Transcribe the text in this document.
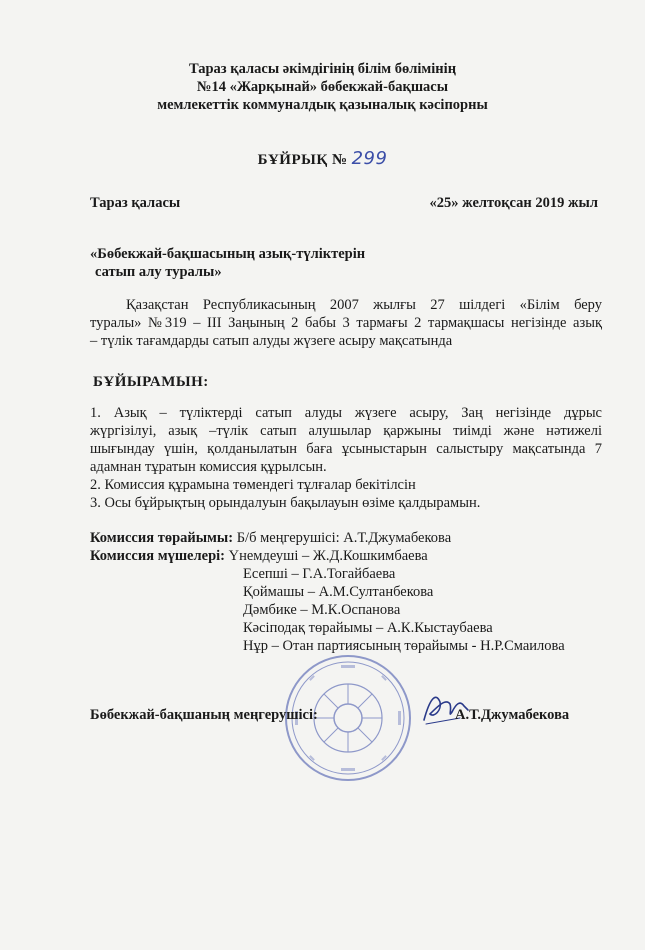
Тараз қаласы әкімдігінің білім бөлімінің
№14 «Жарқынай» бөбекжай-бақшасы
мемлекеттік коммуналдық қазыналық кәсіпорны
БҰЙРЫҚ № 299
Тараз қаласы	«25» желтоқсан 2019 жыл
«Бөбекжай-бақшасының азық-түліктерін
сатып алу туралы»

Қазақстан Республикасының 2007 жылғы 27 шілдегі «Білім беру

туралы» №319 – ІІІ Заңының 2 бабы 3 тармағы 2 тармақшасы негізінде азық

– түлік тағамдарды сатып алуды жүзеге асыру мақсатында

БҰЙЫРАМЫН:

1. Азық – түліктерді сатып алуды жүзеге асыру, Заң негізінде дұрыс

жүргізілуі, азық –түлік сатып алушылар қаржыны тиімді және нәтижелі

шығындау үшін, қолданылатын баға ұсыныстарын салыстыру мақсатында 7

адамнан тұратын комиссия құрылсын.

2. Комиссия құрамына төмендегі тұлғалар бекітілсін

3. Осы бұйрықтың орындалуын бақылауын өзіме қалдырамын.

Комиссия төрайымы: Б/б меңгерушісі: А.Т.Джумабекова
Комиссия мүшелері: Үнемдеуші – Ж.Д.Кошкимбаева
Есепші – Г.А.Тогайбаева
Қоймашы – А.М.Султанбекова
Дәмбике – М.К.Оспанова
Кәсіподақ төрайымы – А.К.Кыстаубаева
Нұр – Отан партиясының төрайымы - Н.Р.Смаилова
Бөбекжай-бақшаның меңгерушісі:	А.Т.Джумабекова
